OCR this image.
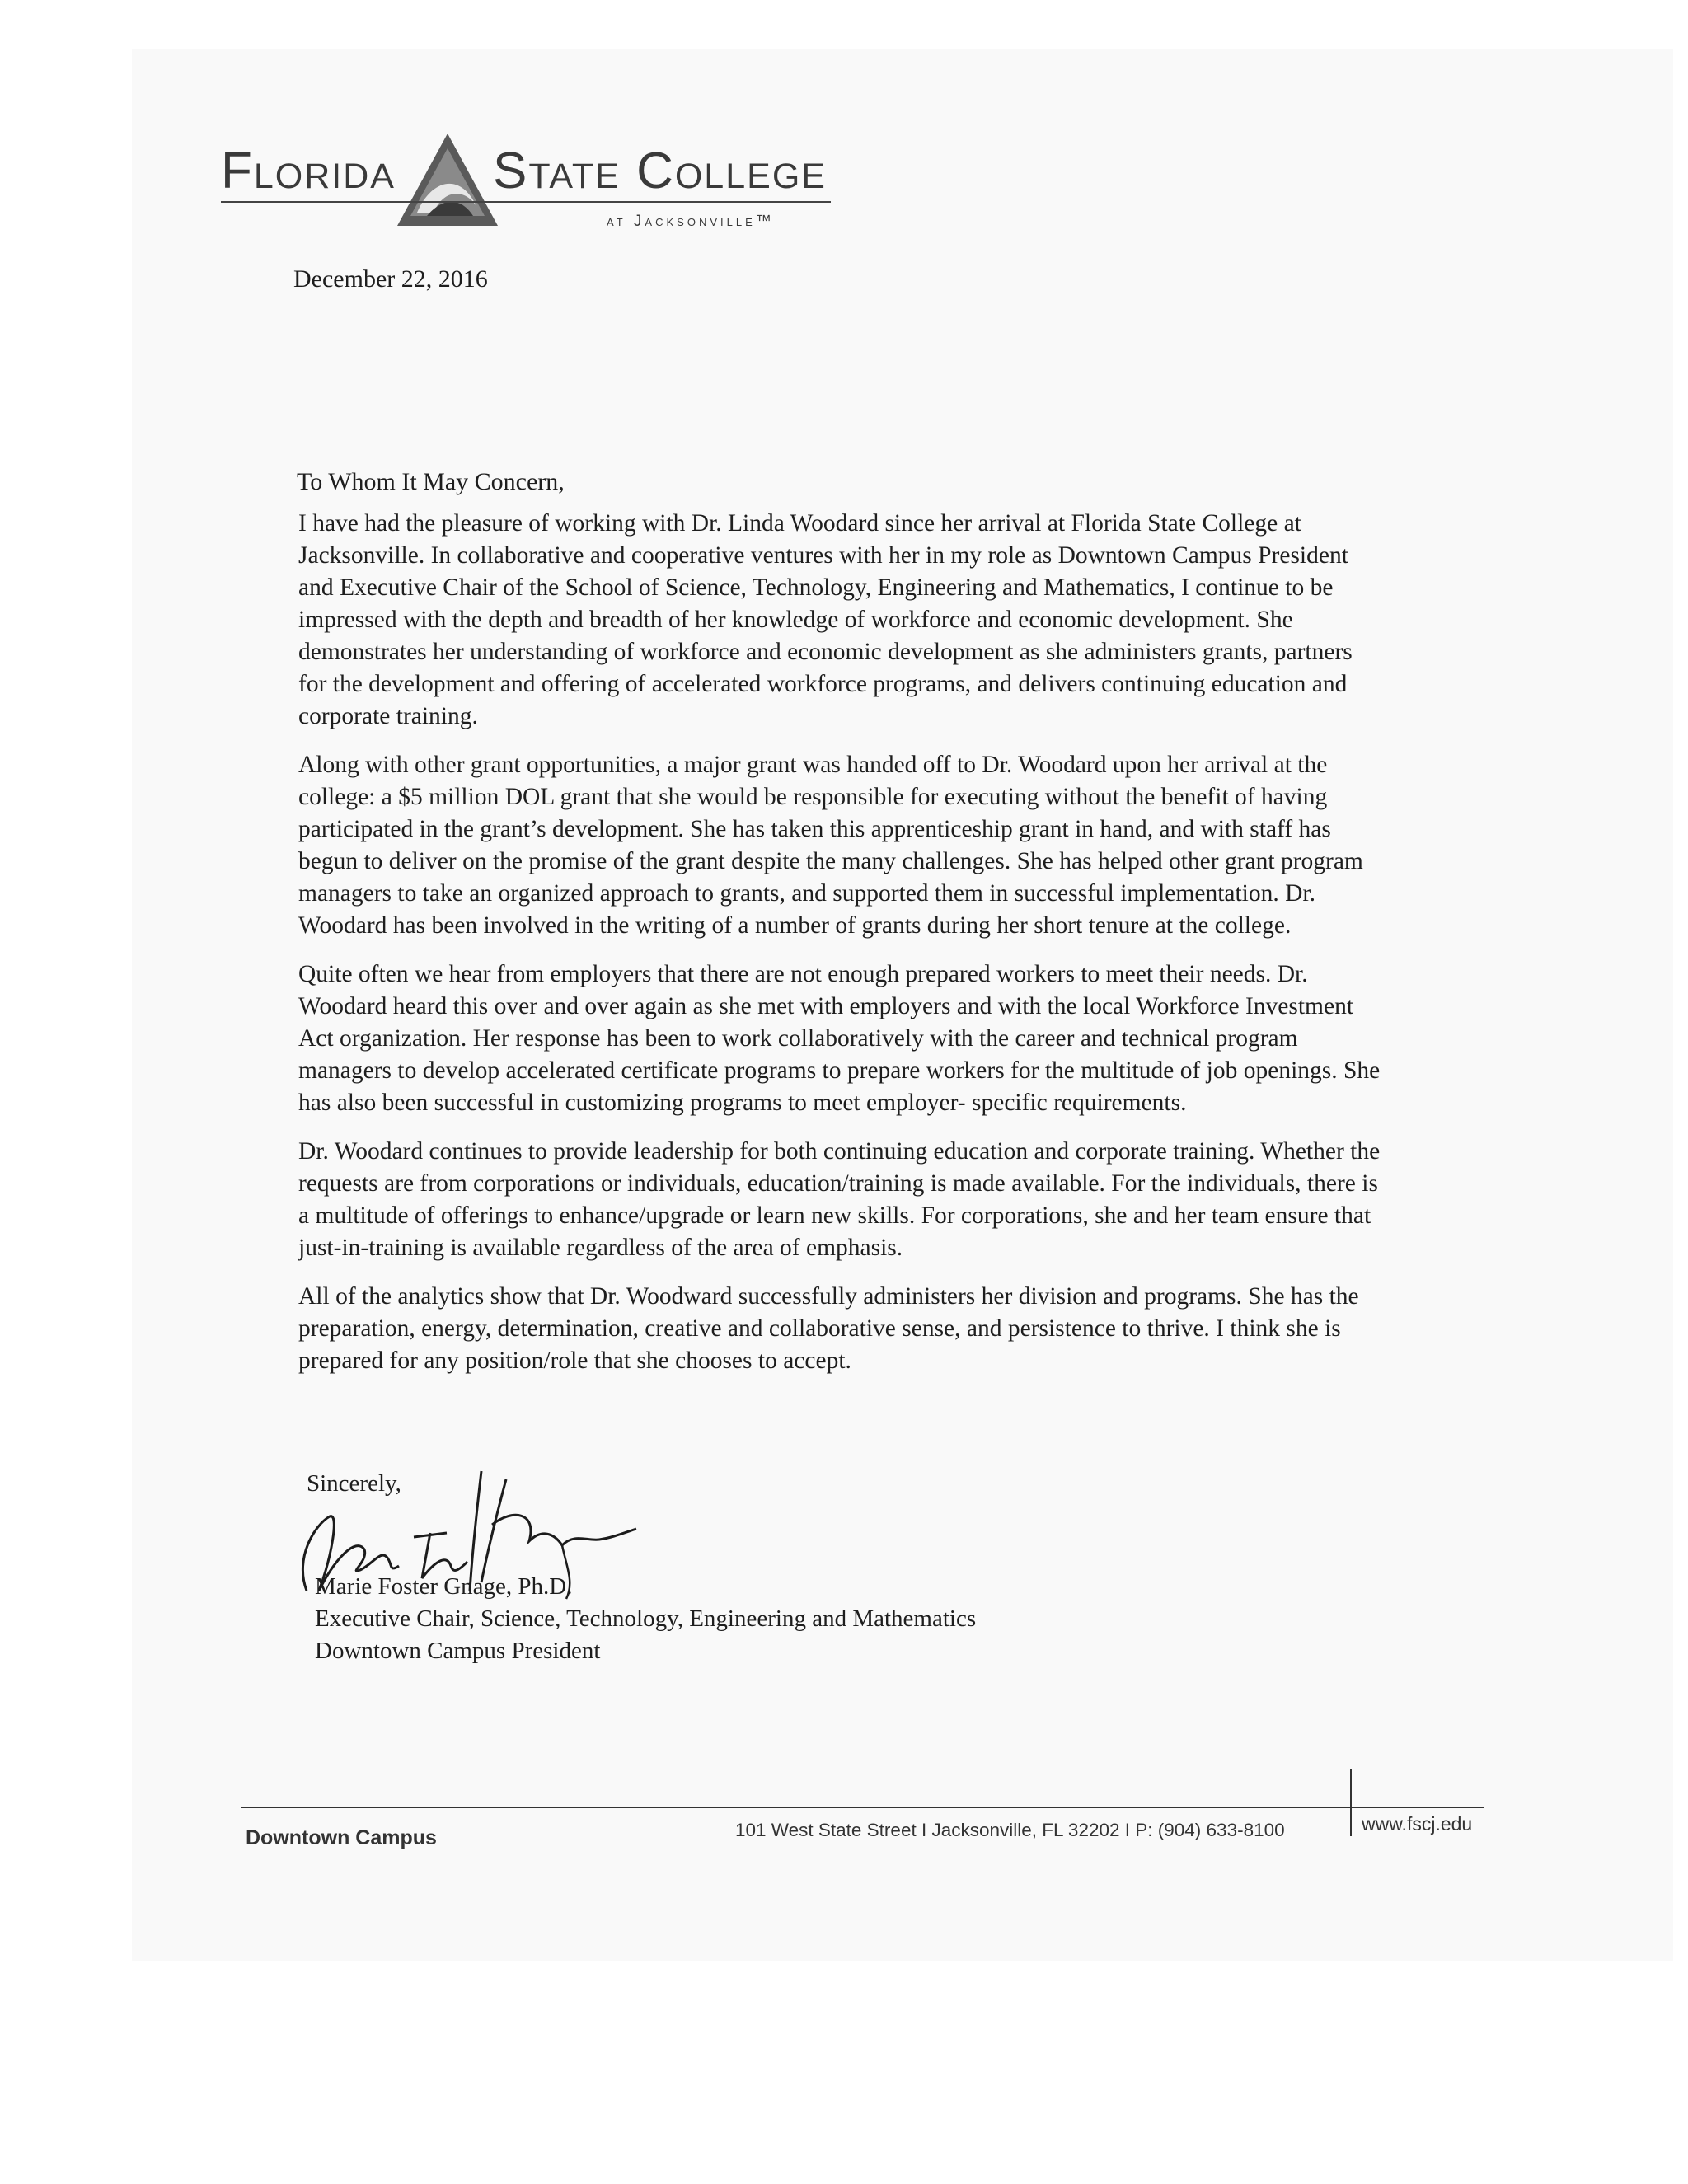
Florida State College
at Jacksonville™
December 22, 2016
To Whom It May Concern,

I have had the pleasure of working with Dr. Linda Woodard since her arrival at Florida State College at Jacksonville. In collaborative and cooperative ventures with her in my role as Downtown Campus President and Executive Chair of the School of Science, Technology, Engineering and Mathematics, I continue to be impressed with the depth and breadth of her knowledge of workforce and economic development. She demonstrates her understanding of workforce and economic development as she administers grants, partners for the development and offering of accelerated workforce programs, and delivers continuing education and corporate training.

Along with other grant opportunities, a major grant was handed off to Dr. Woodard upon her arrival at the college: a $5 million DOL grant that she would be responsible for executing without the benefit of having participated in the grant’s development. She has taken this apprenticeship grant in hand, and with staff has begun to deliver on the promise of the grant despite the many challenges. She has helped other grant program managers to take an organized approach to grants, and supported them in successful implementation. Dr. Woodard has been involved in the writing of a number of grants during her short tenure at the college.

Quite often we hear from employers that there are not enough prepared workers to meet their needs. Dr. Woodard heard this over and over again as she met with employers and with the local Workforce Investment Act organization. Her response has been to work collaboratively with the career and technical program managers to develop accelerated certificate programs to prepare workers for the multitude of job openings. She has also been successful in customizing programs to meet employer- specific requirements.

Dr. Woodard continues to provide leadership for both continuing education and corporate training. Whether the requests are from corporations or individuals, education/training is made available. For the individuals, there is a multitude of offerings to enhance/upgrade or learn new skills. For corporations, she and her team ensure that just-in-training is available regardless of the area of emphasis.

All of the analytics show that Dr. Woodward successfully administers her division and programs. She has the preparation, energy, determination, creative and collaborative sense, and persistence to thrive. I think she is prepared for any position/role that she chooses to accept.

Sincerely,
Marie Foster Gnage, Ph.D.
Executive Chair, Science, Technology, Engineering and Mathematics
Downtown Campus President
Downtown Campus	101 West State Street I Jacksonville, FL 32202 I P: (904) 633-8100	www.fscj.edu
